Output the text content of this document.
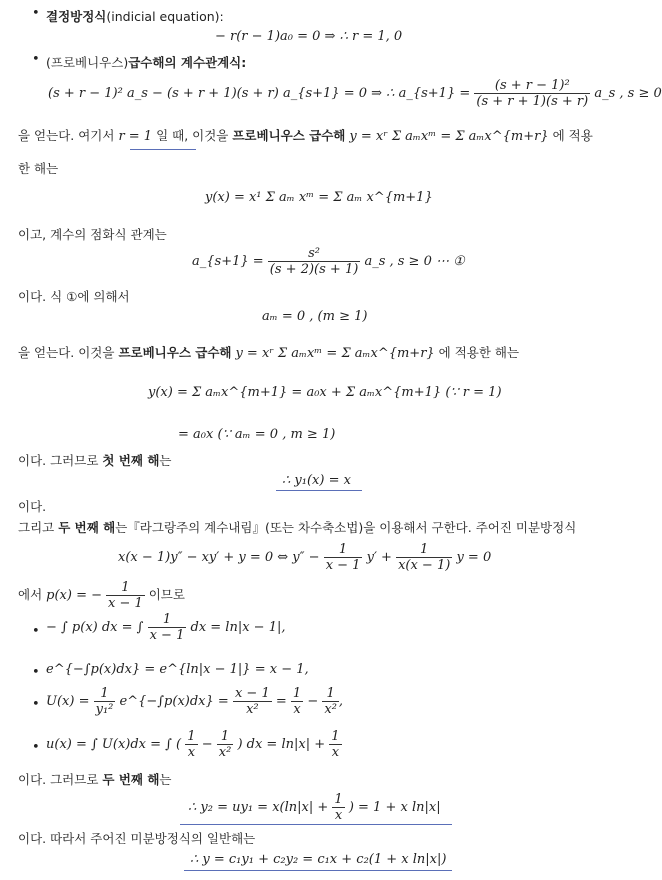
• 결정방정식(indicial equation):
− r(r − 1)a₀ = 0 ⇒ ∴ r = 1, 0
• (프로베니우스)급수해의 계수관계식:
(s + r − 1)² a_s − (s + r + 1)(s + r) a_{s+1} = 0 ⇒ ∴ a_{s+1} = $\frac{\text{(s + r − 1)²}}{(s + r + 1)(s + r)}$ a_s , s ≥ 0
을 얻는다. 여기서 r = 1 일 때, 이것을 프로베니우스 급수해 y = xʳ Σ aₘxᵐ = Σ aₘx^{m+r} 에 적용
한 해는
y(x) = x¹ Σ aₘ xᵐ = Σ aₘ x^{m+1}
이고, 계수의 점화식 관계는
a_{s+1} = $\frac{\text{s²}}{(s + 2)(s + 1)}$ a_s , s ≥ 0 ⋯ ①
이다. 식 ①에 의해서
aₘ = 0 , (m ≥ 1)
을 얻는다. 이것을 프로베니우스 급수해 y = xʳ Σ aₘxᵐ = Σ aₘx^{m+r} 에 적용한 해는
y(x) = Σ aₘx^{m+1} = a₀x + Σ aₘx^{m+1} (∵ r = 1)
= a₀x (∵ aₘ = 0 , m ≥ 1)
이다. 그러므로 첫 번째 해는
∴ y₁(x) = x
이다.
그리고 두 번째 해는『라그랑주의 계수내림』(또는 차수축소법)을 이용해서 구한다. 주어진 미분방정식
x(x − 1)y″ − xy′ + y = 0 ⇔ $y'' - \frac{1}{x - 1} y' + \frac{1}{x(x - 1)}$ y = 0
에서 p(x) = − $\frac{1}{x - 1}$ 이므로
• − ∫ p(x) dx = ∫ $\frac{1}{x - 1}$ dx = ln|x − 1|,
• e^{−∫p(x)dx} = e^{ln|x − 1|} = x − 1,
• $U(x) = \frac{1}{\text{y₁²}}$ e^{−∫p(x)dx} = $\frac{x - 1}{\text{x²}} = \frac{1}{x} - \frac{1}{\text{x²}}$ ,
• u(x) = ∫ U(x)dx = ∫ ( $\frac{1}{x} - \frac{1}{\text{x²}}$ ) dx = $\ln|x| + \frac{1}{x}$
이다. 그러므로 두 번째 해는
∴ $y_2 = uy_1 = x(\ln|x| + \frac{1}{x}$ ) = 1 + x ln|x|
이다. 따라서 주어진 미분방정식의 일반해는
∴ y = c₁y₁ + c₂y₂ = c₁x + c₂(1 + x ln|x|)
